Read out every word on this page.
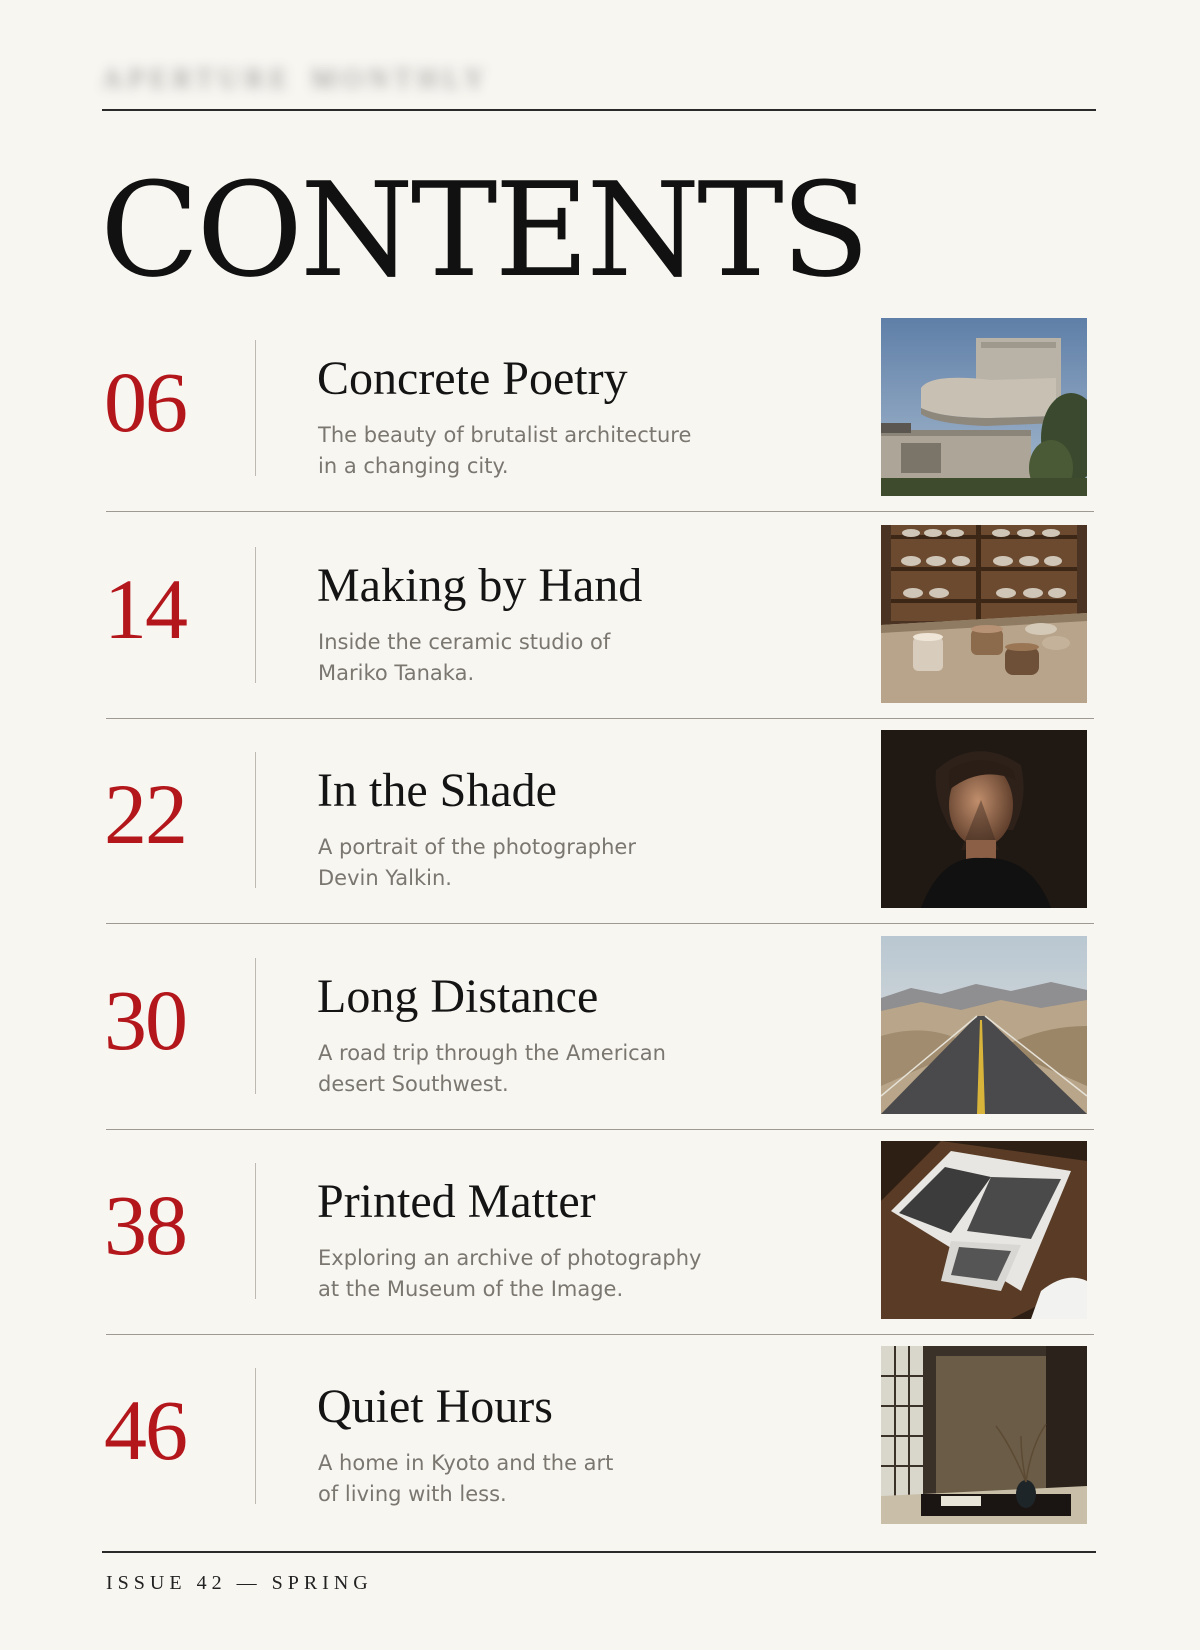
APERTURE MONTHLY
CONTENTS
06	Concrete Poetry
The beauty of brutalist architecture
in a changing city.
14	Making by Hand
Inside the ceramic studio of
Mariko Tanaka.
22	In the Shade
A portrait of the photographer
Devin Yalkin.
30	Long Distance
A road trip through the American
desert Southwest.
38	Printed Matter
Exploring an archive of photography
at the Museum of the Image.
46	Quiet Hours
A home in Kyoto and the art
of living with less.
ISSUE 42 — SPRING
